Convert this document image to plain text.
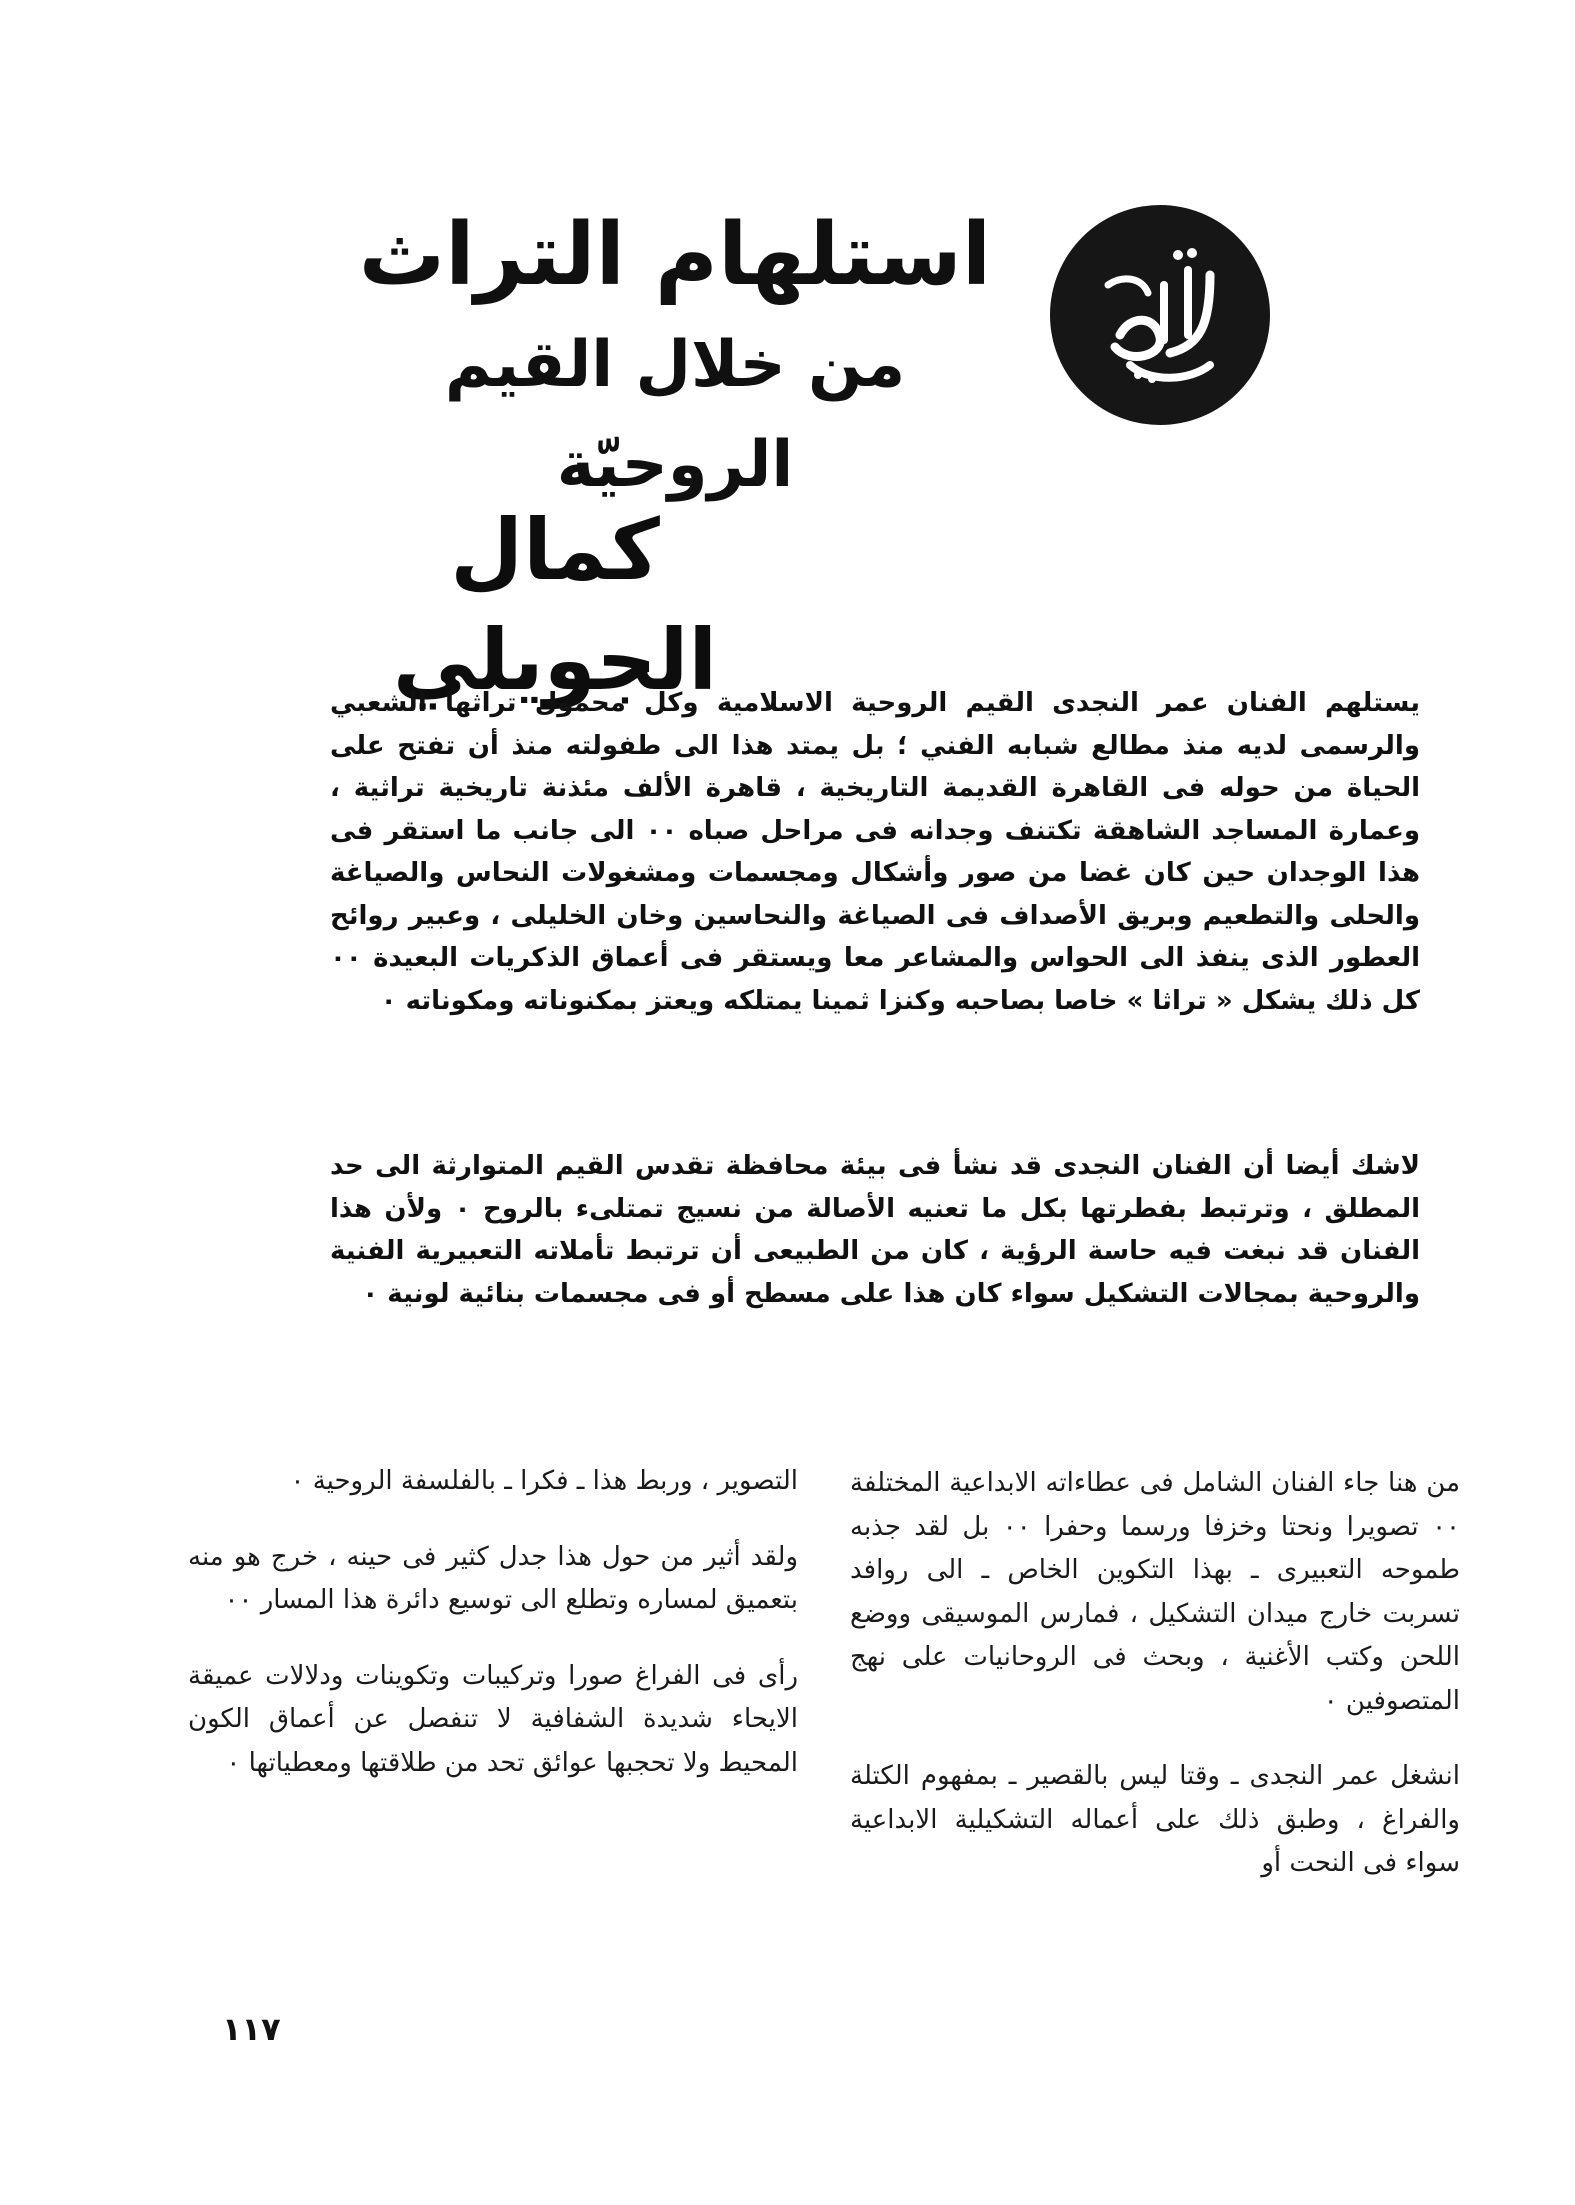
استلهام التراث
من خلال القيم الروحيّة
كمال الجويلي

يستلهم الفنان عمر النجدى القيم الروحية الاسلامية وكل محمول تراثها الشعبي والرسمى لديه منذ مطالع شبابه الفني ؛ بل يمتد هذا الى طفولته منذ أن تفتح على الحياة من حوله فى القاهرة القديمة التاريخية ، قاهرة الألف مئذنة تاريخية تراثية ، وعمارة المساجد الشاهقة تكتنف وجدانه فى مراحل صباه ٠٠ الى جانب ما استقر فى هذا الوجدان حين كان غضا من صور وأشكال ومجسمات ومشغولات النحاس والصياغة والحلى والتطعيم وبريق الأصداف فى الصياغة والنحاسين وخان الخليلى ، وعبير روائح العطور الذى ينفذ الى الحواس والمشاعر معا ويستقر فى أعماق الذكريات البعيدة ٠٠ كل ذلك يشكل « تراثا » خاصا بصاحبه وكنزا ثمينا يمتلكه ويعتز بمكنوناته ومكوناته ٠

لاشك أيضا أن الفنان النجدى قد نشأ فى بيئة محافظة تقدس القيم المتوارثة الى حد المطلق ، وترتبط بفطرتها بكل ما تعنيه الأصالة من نسيج تمتلىء بالروح ٠ ولأن هذا الفنان قد نبغت فيه حاسة الرؤية ، كان من الطبيعى أن ترتبط تأملاته التعبيرية الفنية والروحية بمجالات التشكيل سواء كان هذا على مسطح أو فى مجسمات بنائية لونية ٠

من هنا جاء الفنان الشامل فى عطاءاته الابداعية المختلفة ٠٠ تصويرا ونحتا وخزفا ورسما وحفرا ٠٠ بل لقد جذبه طموحه التعبيرى ـ بهذا التكوين الخاص ـ الى روافد تسربت خارج ميدان التشكيل ، فمارس الموسيقى ووضع اللحن وكتب الأغنية ، وبحث فى الروحانيات على نهج المتصوفين ٠

انشغل عمر النجدى ـ وقتا ليس بالقصير ـ بمفهوم الكتلة والفراغ ، وطبق ذلك على أعماله التشكيلية الابداعية سواء فى النحت أو

التصوير ، وربط هذا ـ فكرا ـ بالفلسفة الروحية ٠

ولقد أثير من حول هذا جدل كثير فى حينه ، خرج هو منه بتعميق لمساره وتطلع الى توسيع دائرة هذا المسار ٠٠

رأى فى الفراغ صورا وتركيبات وتكوينات ودلالات عميقة الايحاء شديدة الشفافية لا تنفصل عن أعماق الكون المحيط ولا تحجبها عوائق تحد من طلاقتها ومعطياتها ٠

١١٧
